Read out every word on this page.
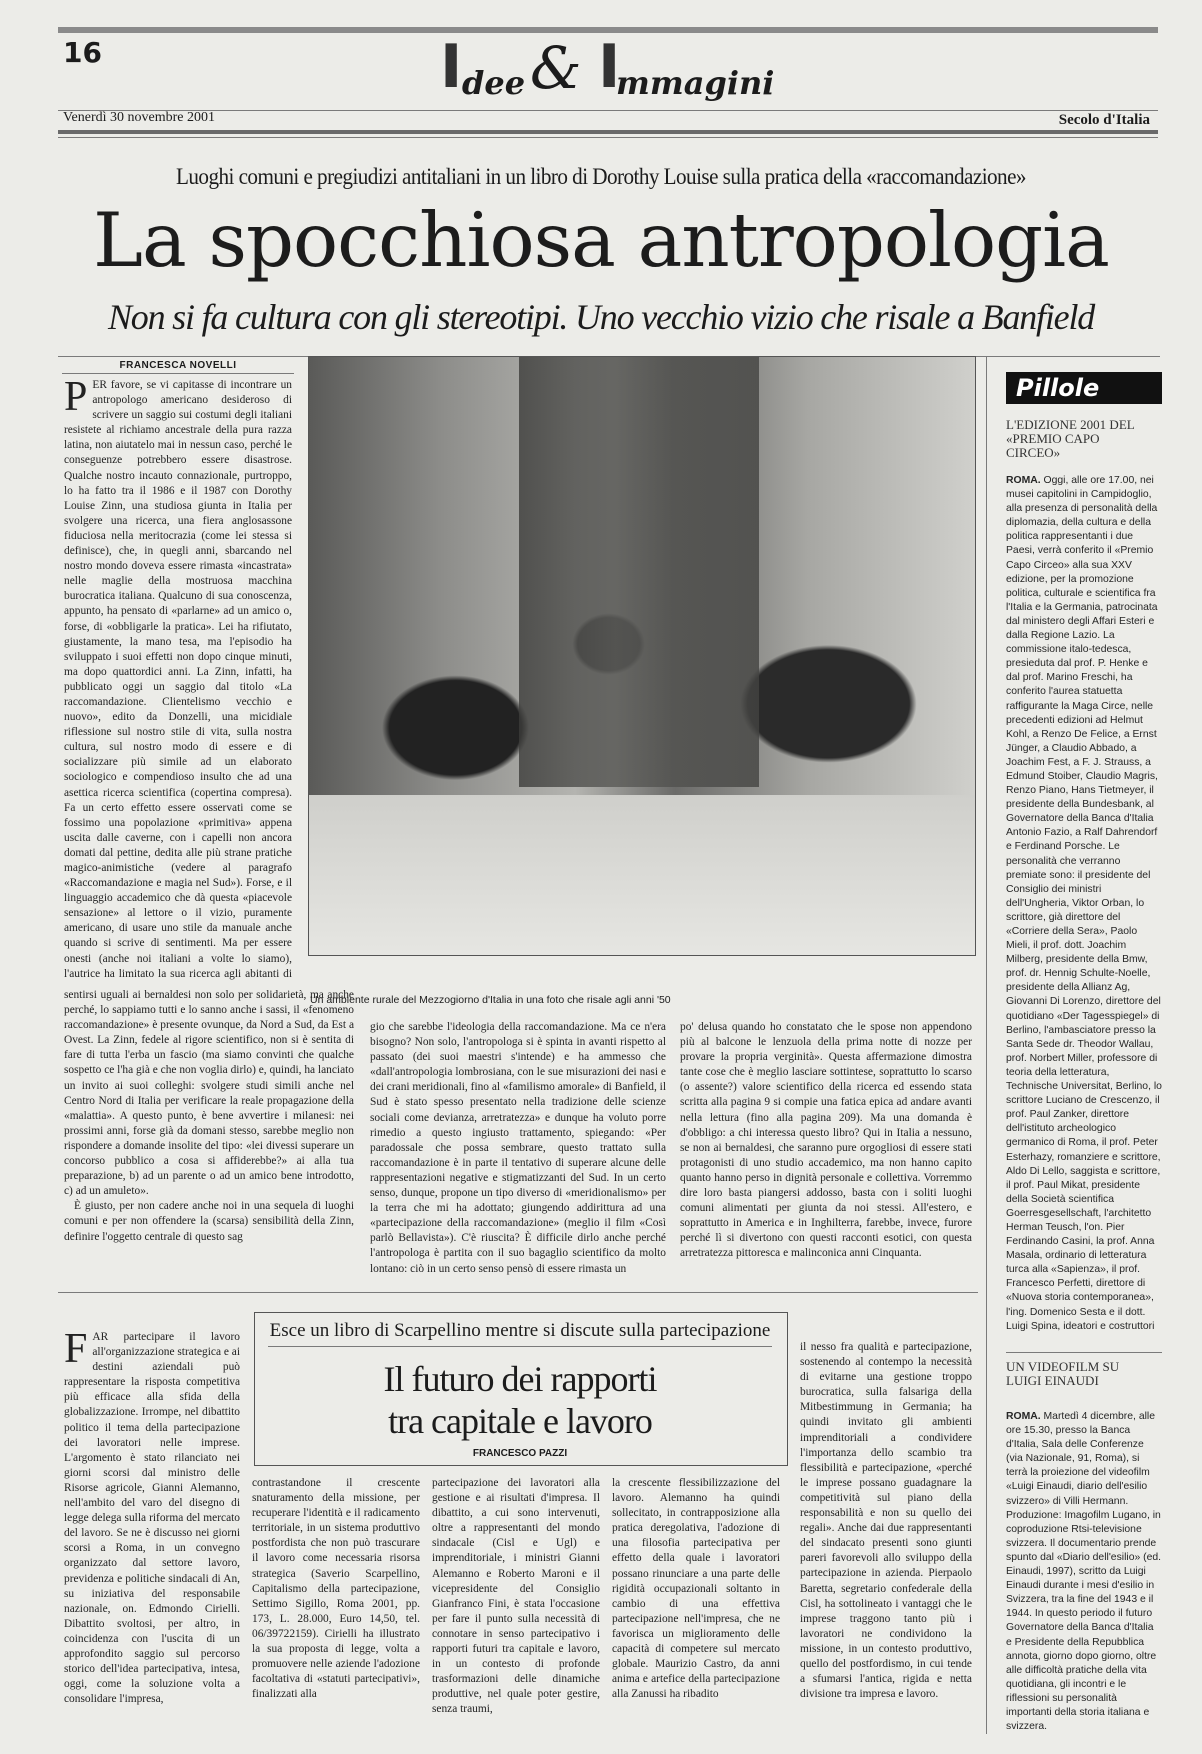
16	I dee & I
mmagini
Venerdì 30 novembre 2001	Secolo d'Italia
Luoghi comuni e pregiudizi antitaliani in un libro di Dorothy Louise sulla pratica della «raccomandazione»
La spocchiosa antropologia
Non si fa cultura con gli stereotipi. Uno vecchio vizio che risale a Banfield
FRANCESCA NOVELLI
P ER favore, se vi capitasse di incontrare un antropologo americano desideroso di scrivere un saggio sui costumi degli italiani resistete al richiamo ancestrale della pura razza latina, non aiutatelo mai in nessun caso, perché le conseguenze potrebbero essere disastrose. Qualche nostro incauto connazionale, purtroppo, lo ha fatto tra il 1986 e il 1987 con Dorothy Louise Zinn, una studiosa giunta in Italia per svolgere una ricerca, una fiera anglosassone fiduciosa nella meritocrazia (come lei stessa si definisce), che, in quegli anni, sbarcando nel nostro mondo doveva essere rimasta «incastrata» nelle maglie della mostruosa macchina burocratica italiana. Qualcuno di sua conoscenza, appunto, ha pensato di «parlarne» ad un amico o, forse, di «obbligarle la pratica». Lei ha rifiutato, giustamente, la mano tesa, ma l'episodio ha sviluppato i suoi effetti non dopo cinque minuti, ma dopo quattordici anni. La Zinn, infatti, ha pubblicato oggi un saggio dal titolo «La raccomandazione. Clientelismo vecchio e nuovo», edito da Donzelli, una micidiale riflessione sul nostro stile di vita, sulla nostra cultura, sul nostro modo di essere e di socializzare più simile ad un elaborato sociologico e compendioso insulto che ad una asettica ricerca scientifica (copertina compresa). Fa un certo effetto essere osservati come se fossimo una popolazione «primitiva» appena uscita dalle caverne, con i capelli non ancora domati dal pettine, dedita alle più strane pratiche magico-animistiche (vedere al paragrafo «Raccomandazione e magia nel Sud»). Forse, e il linguaggio accademico che dà questa «piacevole sensazione» al lettore o il vizio, puramente americano, di usare uno stile da manuale anche quando si scrive di sentimenti. Ma per essere onesti (anche noi italiani a volte lo siamo), l'autrice ha limitato la sua ricerca agli abitanti di
Un ambiente rurale del Mezzogiorno d'Italia in una foto che risale agli anni '50

sentirsi uguali ai bernaldesi non solo per solidarietà, ma anche perché, lo sappiamo tutti e lo sanno anche i sassi, il «fenomeno raccomandazione» è presente ovunque, da Nord a Sud, da Est a Ovest. La Zinn, fedele al rigore scientifico, non si è sentita di fare di tutta l'erba un fascio (ma siamo convinti che qualche sospetto ce l'ha già e che non voglia dirlo) e, quindi, ha lanciato un invito ai suoi colleghi: svolgere studi simili anche nel Centro Nord di Italia per verificare la reale propagazione della «malattia». A questo punto, è bene avvertire i milanesi: nei prossimi anni, forse già da domani stesso, sarebbe meglio non rispondere a domande insolite del tipo: «lei divessi superare un concorso pubblico a cosa si affiderebbe?» ai alla tua preparazione, b) ad un parente o ad un amico bene introdotto, c) ad un amuleto».

È giusto, per non cadere anche noi in una sequela di luoghi comuni e per non offendere la (scarsa) sensibilità della Zinn, definire l'oggetto centrale di questo sag

gio che sarebbe l'ideologia della raccomandazione. Ma ce n'era bisogno? Non solo, l'antropologa si è spinta in avanti rispetto al passato (dei suoi maestri s'intende) e ha ammesso che «dall'antropologia lombrosiana, con le sue misurazioni dei nasi e dei crani meridionali, fino al «familismo amorale» di Banfield, il Sud è stato spesso presentato nella tradizione delle scienze sociali come devianza, arretratezza» e dunque ha voluto porre rimedio a questo ingiusto trattamento, spiegando: «Per paradossale che possa sembrare, questo trattato sulla raccomandazione è in parte il tentativo di superare alcune delle rappresentazioni negative e stigmatizzanti del Sud. In un certo senso, dunque, propone un tipo diverso di «meridionalismo» per la terra che mi ha adottato; giungendo addirittura ad una «partecipazione della raccomandazione» (meglio il film «Così parlò Bellavista»). C'è riuscita? È difficile dirlo anche perché l'antropologa è partita con il suo bagaglio scientifico da molto lontano: ciò in un certo senso pensò di essere rimasta un
po' delusa quando ho constatato che le spose non appendono più al balcone le lenzuola della prima notte di nozze per provare la propria verginità». Questa affermazione dimostra tante cose che è meglio lasciare sottintese, soprattutto lo scarso (o assente?) valore scientifico della ricerca ed essendo stata scritta alla pagina 9 si compie una fatica epica ad andare avanti nella lettura (fino alla pagina 209). Ma una domanda è d'obbligo: a chi interessa questo libro? Qui in Italia a nessuno, se non ai bernaldesi, che saranno pure orgogliosi di essere stati protagonisti di uno studio accademico, ma non hanno capito quanto hanno perso in dignità personale e collettiva. Vorremmo dire loro basta piangersi addosso, basta con i soliti luoghi comuni alimentati per giunta da noi stessi. All'estero, e soprattutto in America e in Inghilterra, farebbe, invece, furore perché lì si divertono con questi racconti esotici, con questa arretratezza pittoresca e malinconica anni Cinquanta.
Pillole
L'EDIZIONE 2001 DEL «PREMIO CAPO CIRCEO»
ROMA. Oggi, alle ore 17.00, nei musei capitolini in Campidoglio, alla presenza di personalità della diplomazia, della cultura e della politica rappresentanti i due Paesi, verrà conferito il «Premio Capo Circeo» alla sua XXV edizione, per la promozione politica, culturale e scientifica fra l'Italia e la Germania, patrocinata dal ministero degli Affari Esteri e dalla Regione Lazio. La commissione italo-tedesca, presieduta dal prof. P. Henke e dal prof. Marino Freschi, ha conferito l'aurea statuetta raffigurante la Maga Circe, nelle precedenti edizioni ad Helmut Kohl, a Renzo De Felice, a Ernst Jünger, a Claudio Abbado, a Joachim Fest, a F. J. Strauss, a Edmund Stoiber, Claudio Magris, Renzo Piano, Hans Tietmeyer, il presidente della Bundesbank, al Governatore della Banca d'Italia Antonio Fazio, a Ralf Dahrendorf e Ferdinand Porsche. Le personalità che verranno premiate sono: il presidente del Consiglio dei ministri dell'Ungheria, Viktor Orban, lo scrittore, già direttore del «Corriere della Sera», Paolo Mieli, il prof. dott. Joachim Milberg, presidente della Bmw, prof. dr. Hennig Schulte-Noelle, presidente della Allianz Ag, Giovanni Di Lorenzo, direttore del quotidiano «Der Tagesspiegel» di Berlino, l'ambasciatore presso la Santa Sede dr. Theodor Wallau, prof. Norbert Miller, professore di teoria della letteratura, Technische Universitat, Berlino, lo scrittore Luciano de Crescenzo, il prof. Paul Zanker, direttore dell'istituto archeologico germanico di Roma, il prof. Peter Esterhazy, romanziere e scrittore, Aldo Di Lello, saggista e scrittore, il prof. Paul Mikat, presidente della Società scientifica Goerresgesellschaft, l'architetto Herman Teusch, l'on. Pier Ferdinando Casini, la prof. Anna Masala, ordinario di letteratura turca alla «Sapienza», il prof. Francesco Perfetti, direttore di «Nuova storia contemporanea», l'ing. Domenico Sesta e il dott. Luigi Spina, ideatori e costruttori
UN VIDEOFILM SU LUIGI EINAUDI
ROMA. Martedì 4 dicembre, alle ore 15.30, presso la Banca d'Italia, Sala delle Conferenze (via Nazionale, 91, Roma), si terrà la proiezione del videofilm «Luigi Einaudi, diario dell'esilio svizzero» di Villi Hermann. Produzione: Imagofilm Lugano, in coproduzione Rtsi-televisione svizzera. Il documentario prende spunto dal «Diario dell'esilio» (ed. Einaudi, 1997), scritto da Luigi Einaudi durante i mesi d'esilio in Svizzera, tra la fine del 1943 e il 1944. In questo periodo il futuro Governatore della Banca d'Italia e Presidente della Repubblica annota, giorno dopo giorno, oltre alle difficoltà pratiche della vita quotidiana, gli incontri e le riflessioni su personalità importanti della storia italiana e svizzera.
Esce un libro di Scarpellino mentre si discute sulla partecipazione
Il futuro dei rapporti
tra capitale e lavoro
FRANCESCO PAZZI
F AR partecipare il lavoro all'organizzazione strategica e ai destini aziendali può rappresentare la risposta competitiva più efficace alla sfida della globalizzazione. Irrompe, nel dibattito politico il tema della partecipazione dei lavoratori nelle imprese. L'argomento è stato rilanciato nei giorni scorsi dal ministro delle Risorse agricole, Gianni Alemanno, nell'ambito del varo del disegno di legge delega sulla riforma del mercato del lavoro. Se ne è discusso nei giorni scorsi a Roma, in un convegno organizzato dal settore lavoro, previdenza e politiche sindacali di An, su iniziativa del responsabile nazionale, on. Edmondo Cirielli. Dibattito svoltosi, per altro, in coincidenza con l'uscita di un approfondito saggio sul percorso storico dell'idea partecipativa, intesa, oggi, come la soluzione volta a consolidare l'impresa,
contrastandone il crescente snaturamento della missione, per recuperare l'identità e il radicamento territoriale, in un sistema produttivo postfordista che non può trascurare il lavoro come necessaria risorsa strategica (Saverio Scarpellino, Capitalismo della partecipazione, Settimo Sigillo, Roma 2001, pp. 173, L. 28.000, Euro 14,50, tel. 06/39722159). Cirielli ha illustrato la sua proposta di legge, volta a promuovere nelle aziende l'adozione facoltativa di «statuti partecipativi», finalizzati alla
partecipazione dei lavoratori alla gestione e ai risultati d'impresa. Il dibattito, a cui sono intervenuti, oltre a rappresentanti del mondo sindacale (Cisl e Ugl) e imprenditoriale, i ministri Gianni Alemanno e Roberto Maroni e il vicepresidente del Consiglio Gianfranco Fini, è stata l'occasione per fare il punto sulla necessità di connotare in senso partecipativo i rapporti futuri tra capitale e lavoro, in un contesto di profonde trasformazioni delle dinamiche produttive, nel quale poter gestire, senza traumi,
la crescente flessibilizzazione del lavoro. Alemanno ha quindi sollecitato, in contrapposizione alla pratica deregolativa, l'adozione di una filosofia partecipativa per effetto della quale i lavoratori possano rinunciare a una parte delle rigidità occupazionali soltanto in cambio di una effettiva partecipazione nell'impresa, che ne favorisca un miglioramento delle capacità di competere sul mercato globale. Maurizio Castro, da anni anima e artefice della partecipazione alla Zanussi ha ribadito
il nesso fra qualità e partecipazione, sostenendo al contempo la necessità di evitarne una gestione troppo burocratica, sulla falsariga della Mitbestimmung in Germania; ha quindi invitato gli ambienti imprenditoriali a condividere l'importanza dello scambio tra flessibilità e partecipazione, «perché le imprese possano guadagnare la competitività sul piano della responsabilità e non su quello dei regali». Anche dai due rappresentanti del sindacato presenti sono giunti pareri favorevoli allo sviluppo della partecipazione in azienda. Pierpaolo Baretta, segretario confederale della Cisl, ha sottolineato i vantaggi che le imprese traggono tanto più i lavoratori ne condividono la missione, in un contesto produttivo, quello del postfordismo, in cui tende a sfumarsi l'antica, rigida e netta divisione tra impresa e lavoro.
